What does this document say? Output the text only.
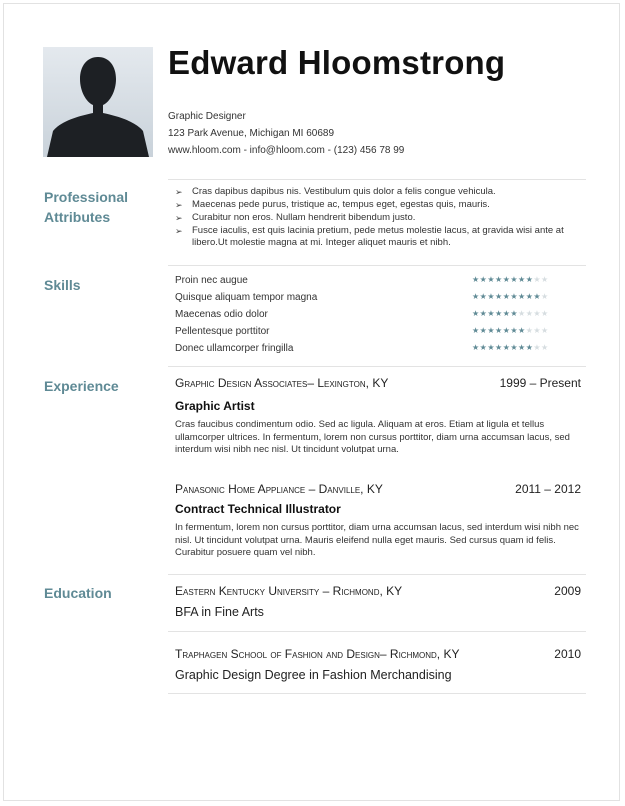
Edward Hloomstrong
Graphic Designer
123 Park Avenue, Michigan MI 60689
www.hloom.com - info@hloom.com - (123) 456 78 99
Professional
Attributes
➢ Cras dapibus dapibus nis. Vestibulum quis dolor a felis congue vehicula.
➢ Maecenas pede purus, tristique ac, tempus eget, egestas quis, mauris.
➢ Curabitur non eros. Nullam hendrerit bibendum justo.
➢ Fusce iaculis, est quis lacinia pretium, pede metus molestie lacus, at gravida wisi ante at libero.Ut molestie magna at mi. Integer aliquet mauris et nibh.
Skills	Proin nec augue	★★★★★★★★★★
Quisque aliquam tempor magna	★★★★★★★★★★
Maecenas odio dolor	★★★★★★★★★★
Pellentesque porttitor	★★★★★★★★★★
Donec ullamcorper fringilla	★★★★★★★★★★
Experience	Graphic Design Associates– Lexington, KY	1999 – Present
Graphic Artist
Cras faucibus condimentum odio. Sed ac ligula. Aliquam at eros. Etiam at ligula et tellus ullamcorper ultrices. In fermentum, lorem non cursus porttitor, diam urna accumsan lacus, sed interdum wisi nibh nec nisl. Ut tincidunt volutpat urna.
Panasonic Home Appliance – Danville, KY	2011 – 2012
Contract Technical Illustrator
In fermentum, lorem non cursus porttitor, diam urna accumsan lacus, sed interdum wisi nibh nec nisl. Ut tincidunt volutpat urna. Mauris eleifend nulla eget mauris. Sed cursus quam id felis. Curabitur posuere quam vel nibh.
Education	Eastern Kentucky University – Richmond, KY	2009
BFA in Fine Arts
Traphagen School of Fashion and Design– Richmond, KY	2010
Graphic Design Degree in Fashion Merchandising
